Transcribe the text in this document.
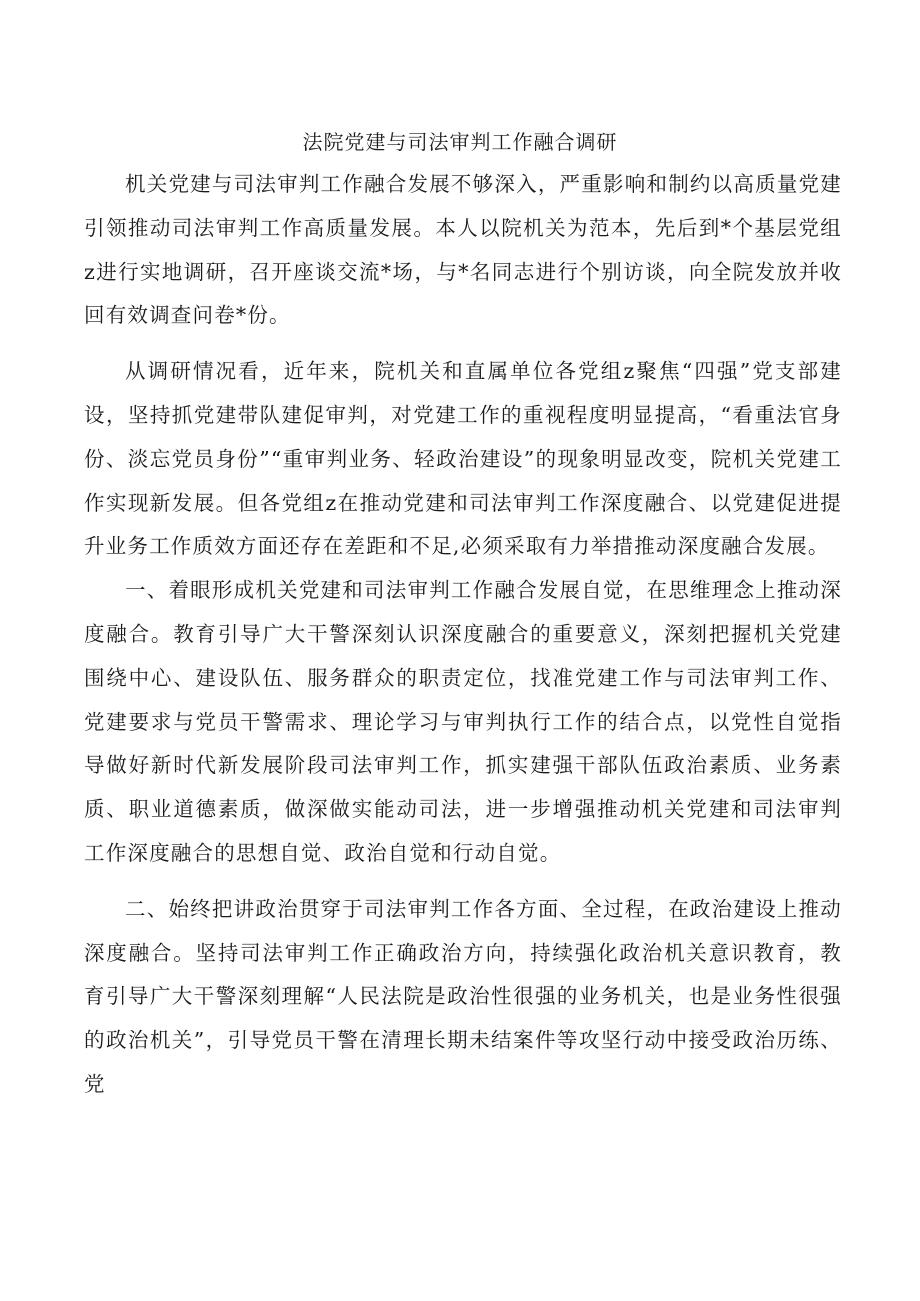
法院党建与司法审判工作融合调研

机关党建与司法审判工作融合发展不够深入，严重影响和制约以高质量党建引领推动司法审判工作高质量发展。本人以院机关为范本，先后到*个基层党组z进行实地调研，召开座谈交流*场，与*名同志进行个别访谈，向全院发放并收回有效调查问卷*份。

从调研情况看，近年来，院机关和直属单位各党组z聚焦“四强”党支部建设，坚持抓党建带队建促审判，对党建工作的重视程度明显提高，“看重法官身份、淡忘党员身份”“重审判业务、轻政治建设”的现象明显改变，院机关党建工作实现新发展。但各党组z在推动党建和司法审判工作深度融合、以党建促进提升业务工作质效方面还存在差距和不足,必须采取有力举措推动深度融合发展。

一、着眼形成机关党建和司法审判工作融合发展自觉，在思维理念上推动深度融合。教育引导广大干警深刻认识深度融合的重要意义，深刻把握机关党建围绕中心、建设队伍、服务群众的职责定位，找准党建工作与司法审判工作、党建要求与党员干警需求、理论学习与审判执行工作的结合点，以党性自觉指导做好新时代新发展阶段司法审判工作，抓实建强干部队伍政治素质、业务素质、职业道德素质，做深做实能动司法，进一步增强推动机关党建和司法审判工作深度融合的思想自觉、政治自觉和行动自觉。

二、始终把讲政治贯穿于司法审判工作各方面、全过程，在政治建设上推动深度融合。坚持司法审判工作正确政治方向，持续强化政治机关意识教育，教育引导广大干警深刻理解“人民法院是政治性很强的业务机关，也是业务性很强的政治机关”，引导党员干警在清理长期未结案件等攻坚行动中接受政治历练、党
